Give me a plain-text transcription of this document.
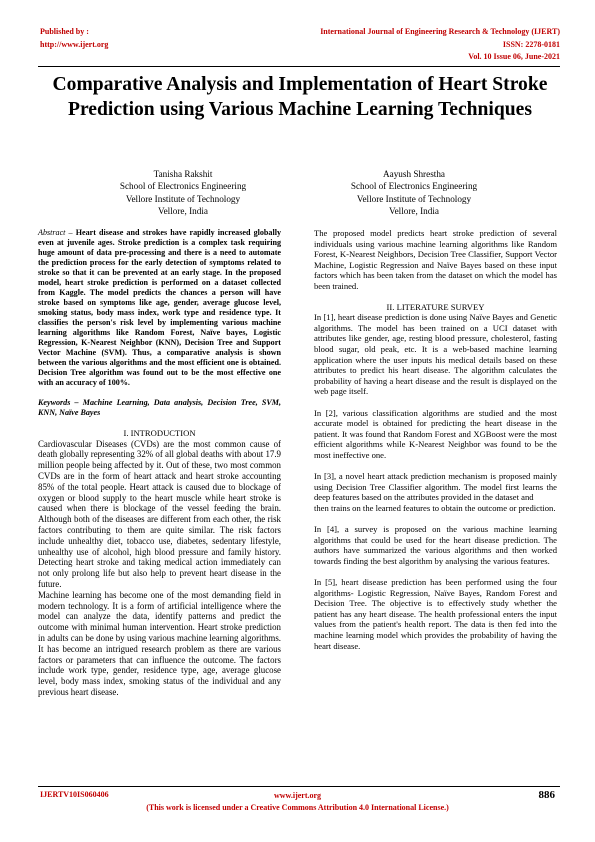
Published by :
http://www.ijert.org
International Journal of Engineering Research & Technology (IJERT)
ISSN: 2278-0181
Vol. 10 Issue 06, June-2021
Comparative Analysis and Implementation of Heart Stroke Prediction using Various Machine Learning Techniques
Tanisha Rakshit
School of Electronics Engineering
Vellore Institute of Technology
Vellore, India
Aayush Shrestha
School of Electronics Engineering
Vellore Institute of Technology
Vellore, India

Abstract – Heart disease and strokes have rapidly increased globally even at juvenile ages. Stroke prediction is a complex task requiring huge amount of data pre-processing and there is a need to automate the prediction process for the early detection of symptoms related to stroke so that it can be prevented at an early stage. In the proposed model, heart stroke prediction is performed on a dataset collected from Kaggle. The model predicts the chances a person will have stroke based on symptoms like age, gender, average glucose level, smoking status, body mass index, work type and residence type. It classifies the person's risk level by implementing various machine learning algorithms like Random Forest, Naïve bayes, Logistic Regression, K-Nearest Neighbor (KNN), Decision Tree and Support Vector Machine (SVM). Thus, a comparative analysis is shown between the various algorithms and the most efficient one is obtained. Decision Tree algorithm was found out to be the most effective one with an accuracy of 100%.

Keywords – Machine Learning, Data analysis, Decision Tree, SVM, KNN, Naïve Bayes

I. INTRODUCTION

Cardiovascular Diseases (CVDs) are the most common cause of death globally representing 32% of all global deaths with about 17.9 million people being affected by it. Out of these, two most common CVDs are in the form of heart attack and heart stroke accounting 85% of the total people. Heart attack is caused due to blockage of oxygen or blood supply to the heart muscle while heart stroke is caused when there is blockage of the vessel feeding the brain. Although both of the diseases are different from each other, the risk factors contributing to them are quite similar. The risk factors include unhealthy diet, tobacco use, diabetes, sedentary lifestyle, unhealthy use of alcohol, high blood pressure and family history. Detecting heart stroke and taking medical action immediately can not only prolong life but also help to prevent heart disease in the future.

Machine learning has become one of the most demanding field in modern technology. It is a form of artificial intelligence where the model can analyze the data, identify patterns and predict the outcome with minimal human intervention. Heart stroke prediction in adults can be done by using various machine learning algorithms. It has become an intrigued research problem as there are various factors or parameters that can influence the outcome. The factors include work type, gender, residence type, age, average glucose level, body mass index, smoking status of the individual and any previous heart disease.

The proposed model predicts heart stroke prediction of several individuals using various machine learning algorithms like Random Forest, K-Nearest Neighbors, Decision Tree Classifier, Support Vector Machine, Logistic Regression and Naïve Bayes based on these input factors which has been taken from the dataset on which the model has been trained.

II. LITERATURE SURVEY

In [1], heart disease prediction is done using Naïve Bayes and Genetic algorithms. The model has been trained on a UCI dataset with attributes like gender, age, resting blood pressure, cholesterol, fasting blood sugar, old peak, etc. It is a web-based machine learning application where the user inputs his medical details based on these attributes to predict his heart disease. The algorithm calculates the probability of having a heart disease and the result is displayed on the web page itself.

In [2], various classification algorithms are studied and the most accurate model is obtained for predicting the heart disease in the patient. It was found that Random Forest and XGBoost were the most efficient algorithms while K-Nearest Neighbor was found to be the most ineffective one.

In [3], a novel heart attack prediction mechanism is proposed mainly using Decision Tree Classifier algorithm. The model first learns the deep features based on the attributes provided in the dataset and

then trains on the learned features to obtain the outcome or prediction.

In [4], a survey is proposed on the various machine learning algorithms that could be used for the heart disease prediction. The authors have summarized the various algorithms and then worked towards finding the best algorithm by analysing the various features.

In [5], heart disease prediction has been performed using the four algorithms- Logistic Regression, Naïve Bayes, Random Forest and Decision Tree. The objective is to effectively study whether the patient has any heart disease. The health professional enters the input values from the patient's health report. The data is then fed into the machine learning model which provides the probability of having the heart disease.

IJERTV10IS060406	www.ijert.org
(This work is licensed under a Creative Commons Attribution 4.0 International License.)
886
